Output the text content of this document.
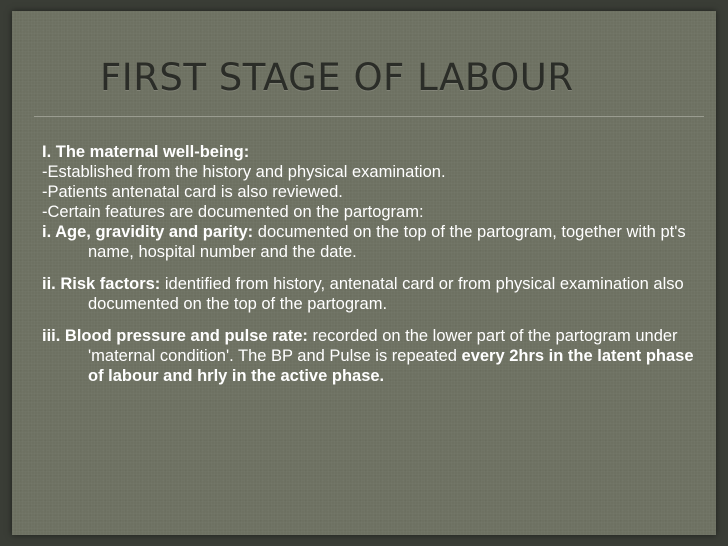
FIRST STAGE OF LABOUR

I. The maternal well-being:

-Established from the history and physical examination.

-Patients antenatal card is also reviewed.

-Certain features are documented on the partogram:

i. Age, gravidity and parity: documented on the top of the partogram, together with pt's name, hospital number and the date.

ii. Risk factors: identified from history, antenatal card or from physical examination also documented on the top of the partogram.

iii. Blood pressure and pulse rate: recorded on the lower part of the partogram under 'maternal condition'. The BP and Pulse is repeated every 2hrs in the latent phase of labour and hrly in the active phase.
